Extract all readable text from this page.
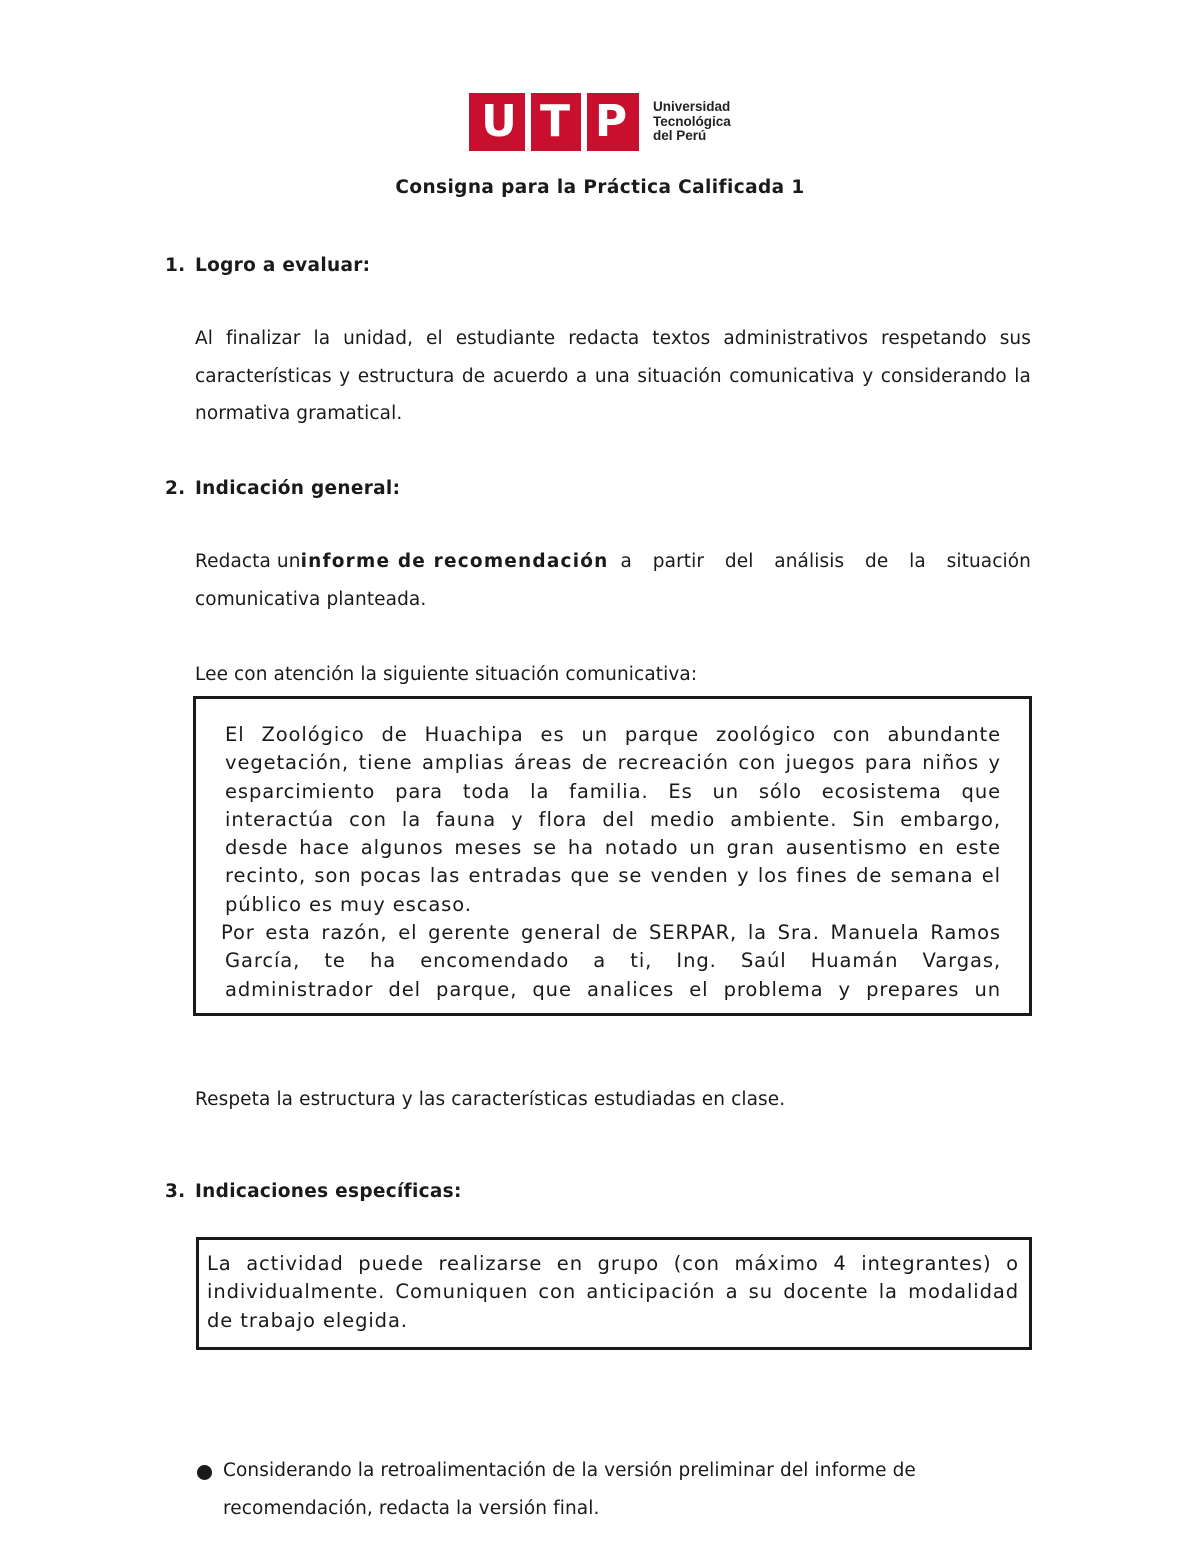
U T P	Universidad
Tecnológica
del Perú
Consigna para la Práctica Calificada 1
1. Logro a evaluar:
Al finalizar la unidad, el estudiante redacta textos administrativos respetando sus
características y estructura de acuerdo a una situación comunicativa y considerando la
normativa gramatical.
2. Indicación general:
Redacta un informe de recomendación a partir del análisis de la situación
comunicativa planteada.
Lee con atención la siguiente situación comunicativa:
El Zoológico de Huachipa es un parque zoológico con abundante
vegetación, tiene amplias áreas de recreación con juegos para niños y
esparcimiento para toda la familia. Es un sólo ecosistema que
interactúa con la fauna y flora del medio ambiente. Sin embargo,
desde hace algunos meses se ha notado un gran ausentismo en este
recinto, son pocas las entradas que se venden y los fines de semana el
público es muy escaso.
Por esta razón, el gerente general de SERPAR, la Sra. Manuela Ramos
García, te ha encomendado a ti, Ing. Saúl Huamán Vargas,
administrador del parque, que analices el problema y prepares un
Respeta la estructura y las características estudiadas en clase.
3. Indicaciones específicas:
La actividad puede realizarse en grupo (con máximo 4 integrantes) o
individualmente. Comuniquen con anticipación a su docente la modalidad
de trabajo elegida.
Considerando la retroalimentación de la versión preliminar del informe de
recomendación, redacta la versión final.
